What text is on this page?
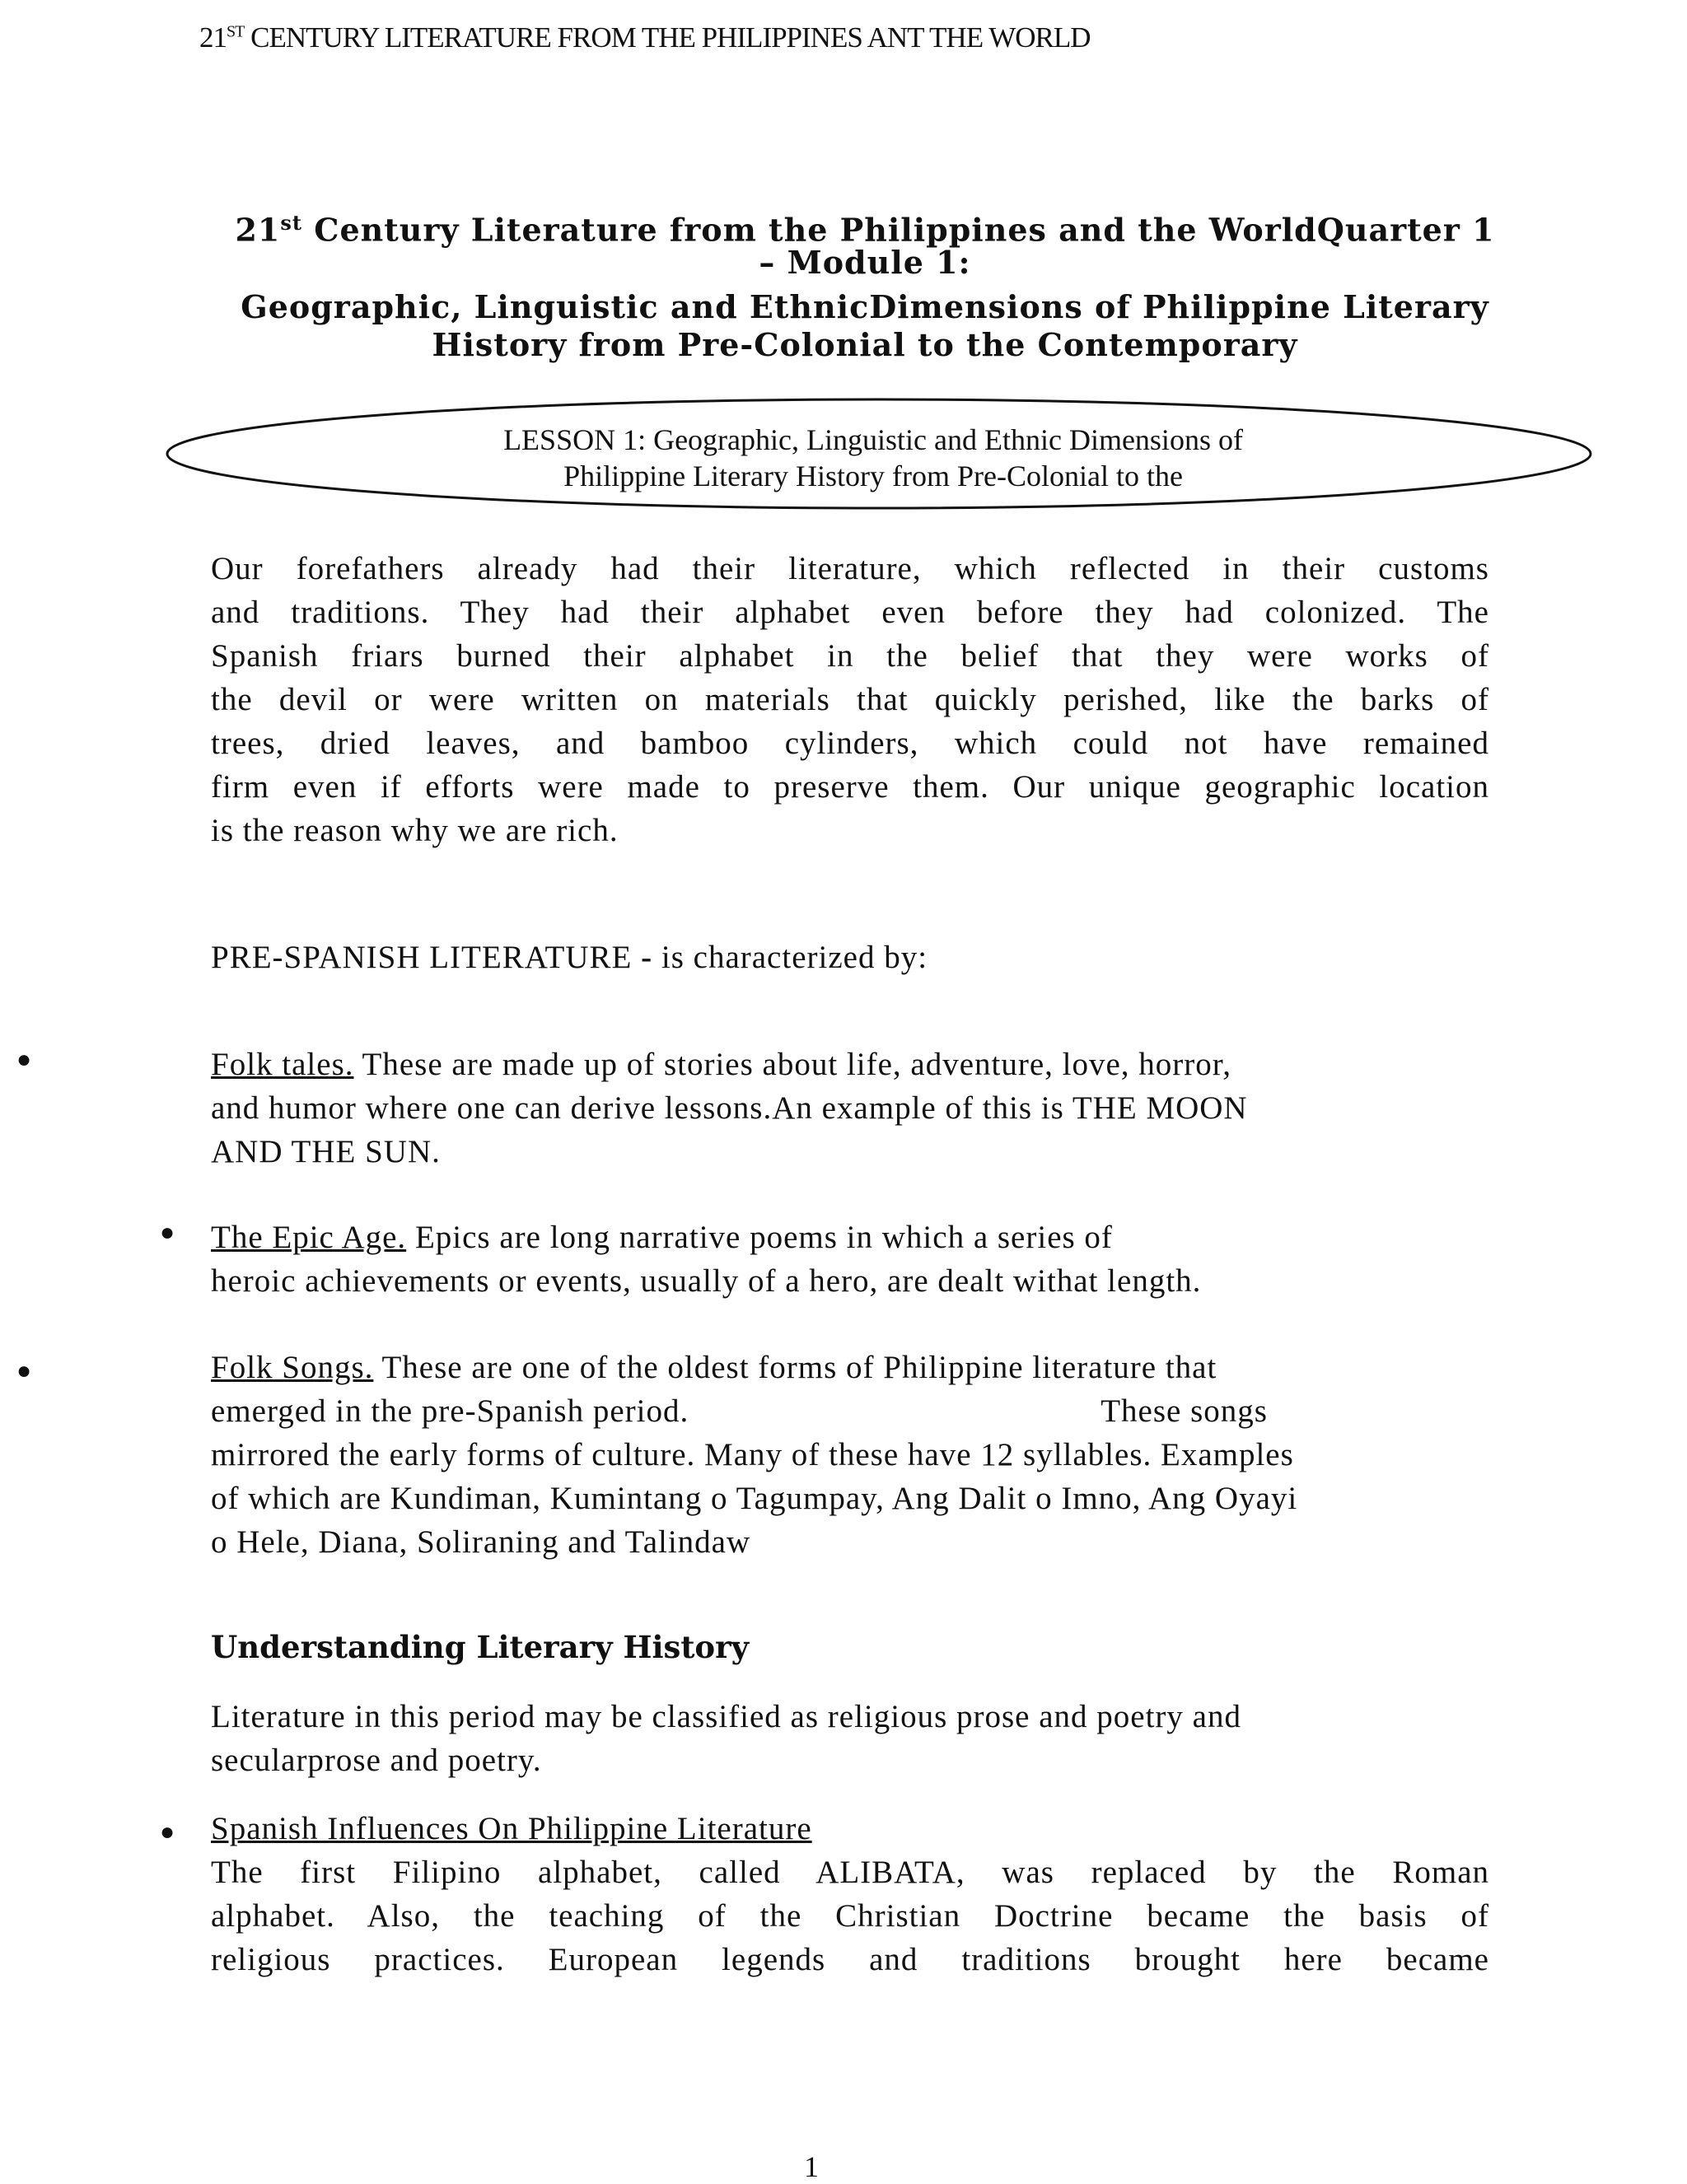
21ST CENTURY LITERATURE FROM THE PHILIPPINES ANT THE WORLD
21st Century Literature from the Philippines and the WorldQuarter 1
– Module 1:
Geographic, Linguistic and EthnicDimensions of Philippine Literary
History from Pre-Colonial to the Contemporary
LESSON 1: Geographic, Linguistic and Ethnic Dimensions of
Philippine Literary History from Pre-Colonial to the
Our forefathers already had their literature, which reflected in their customs
and traditions. They had their alphabet even before they had colonized. The
Spanish friars burned their alphabet in the belief that they were works of
the devil or were written on materials that quickly perished, like the barks of
trees, dried leaves, and bamboo cylinders, which could not have remained
firm even if efforts were made to preserve them. Our unique geographic location
is the reason why we are rich.
PRE-SPANISH LITERATURE - is characterized by:
●	Folk tales. These are made up of stories about life, adventure, love, horror,
and humor where one can derive lessons.An example of this is THE MOON
AND THE SUN.
● The Epic Age. Epics are long narrative poems in which a series of
heroic achievements or events, usually of a hero, are dealt withat length.
●	Folk Songs. These are one of the oldest forms of Philippine literature that
emerged in the pre-Spanish period.	These songs
mirrored the early forms of culture. Many of these have 12 syllables. Examples
of which are Kundiman, Kumintang o Tagumpay, Ang Dalit o Imno, Ang Oyayi
o Hele, Diana, Soliraning and Talindaw
Understanding Literary History
Literature in this period may be classified as religious prose and poetry and
secularprose and poetry.
● Spanish Influences On Philippine Literature
The first Filipino alphabet, called ALIBATA, was replaced by the Roman
alphabet. Also, the teaching of the Christian Doctrine became the basis of
religious practices. European legends and traditions brought here became
1
